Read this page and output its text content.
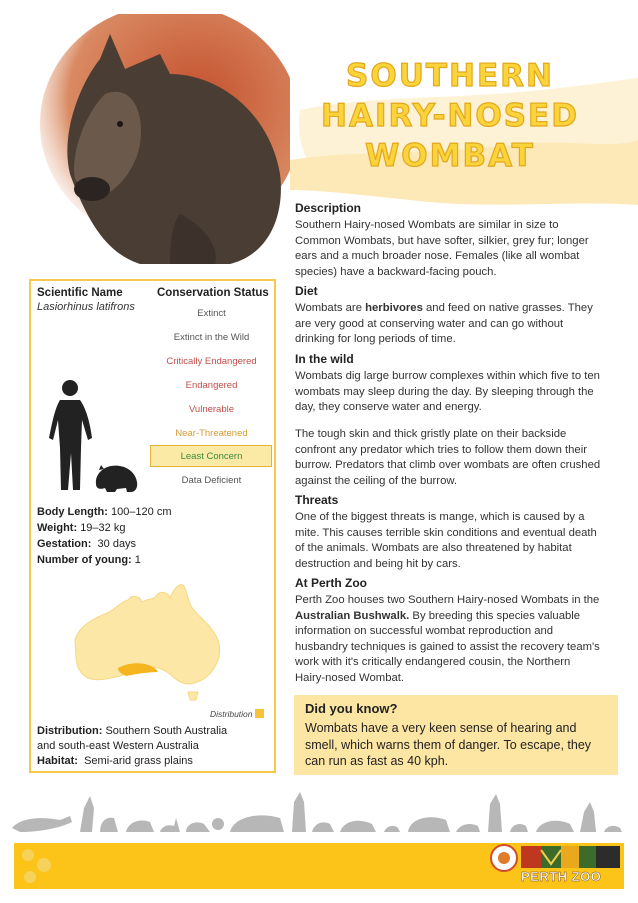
SOUTHERN
HAIRY-NOSED
WOMBAT
Scientific Name
Lasiorhinus latifrons
Conservation Status
Extinct
Extinct in the Wild
Critically Endangered
Endangered
Vulnerable
Near-Threatened
Least Concern
Data Deficient
Body Length: 100–120 cm
Weight: 19–32 kg
Gestation: 30 days
Number of young: 1
Distribution
Distribution: Southern South Australia
and south-east Western Australia
Habitat: Semi-arid grass plains
Description
Southern Hairy-nosed Wombats are similar in size to
Common Wombats, but have softer, silkier, grey fur; longer
ears and a much broader nose. Females (like all wombat
species) have a backward-facing pouch.
Diet
Wombats are herbivores and feed on native grasses. They
are very good at conserving water and can go without
drinking for long periods of time.
In the wild
Wombats dig large burrow complexes within which five to ten
wombats may sleep during the day. By sleeping through the
day, they conserve water and energy.
The tough skin and thick gristly plate on their backside
confront any predator which tries to follow them down their
burrow. Predators that climb over wombats are often crushed
against the ceiling of the burrow.
Threats
One of the biggest threats is mange, which is caused by a
mite. This causes terrible skin conditions and eventual death
of the animals. Wombats are also threatened by habitat
destruction and being hit by cars.
At Perth Zoo
Perth Zoo houses two Southern Hairy-nosed Wombats in the
Australian Bushwalk. By breeding this species valuable
information on successful wombat reproduction and
husbandry techniques is gained to assist the recovery team's
work with it's critically endangered cousin, the Northern
Hairy-nosed Wombat.
Did you know?
Wombats have a very keen sense of hearing and
smell, which warns them of danger. To escape, they
can run as fast as 40 kph.
PERTH ZOO
